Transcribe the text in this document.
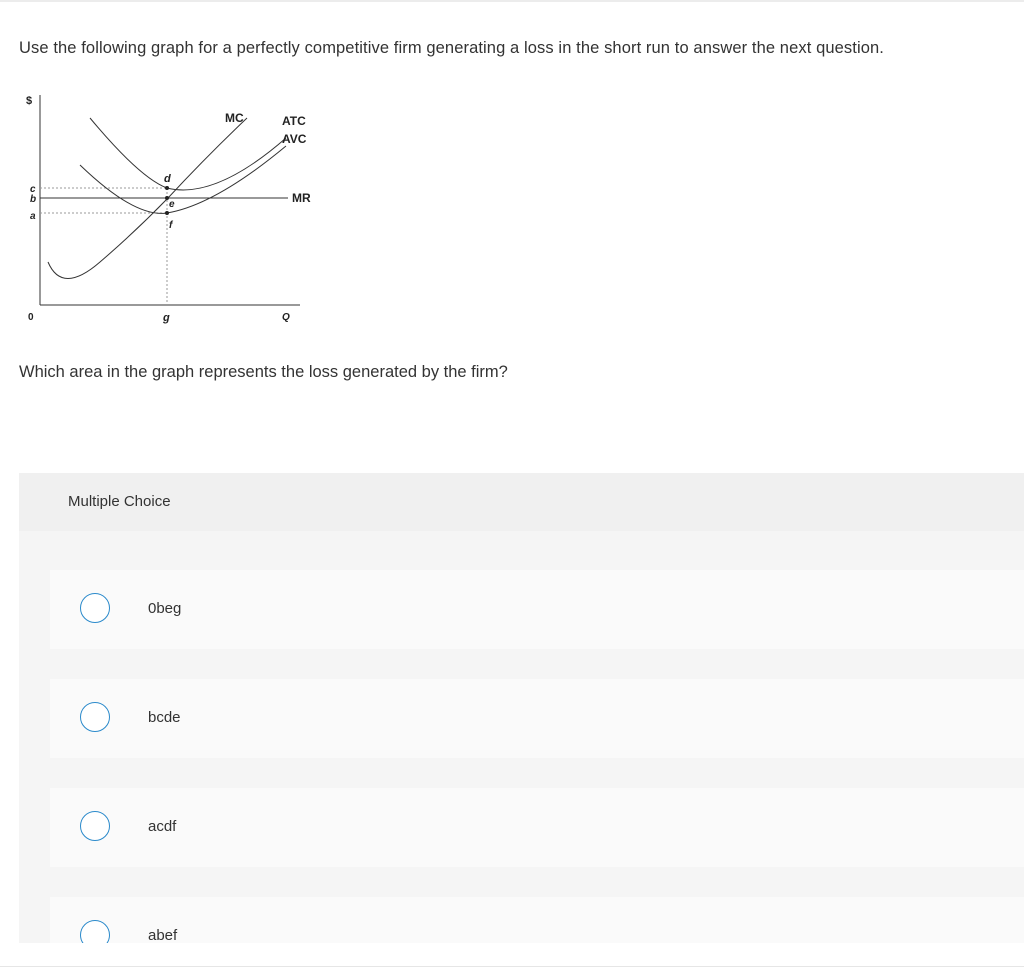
Use the following graph for a perfectly competitive firm generating a loss in the short run to answer the next question.
$
c
b
a
0	g	Q
d
e
f
MC	ATC
AVC
MR
Which area in the graph represents the loss generated by the firm?
Multiple Choice
0beg
bcde
acdf
abef
